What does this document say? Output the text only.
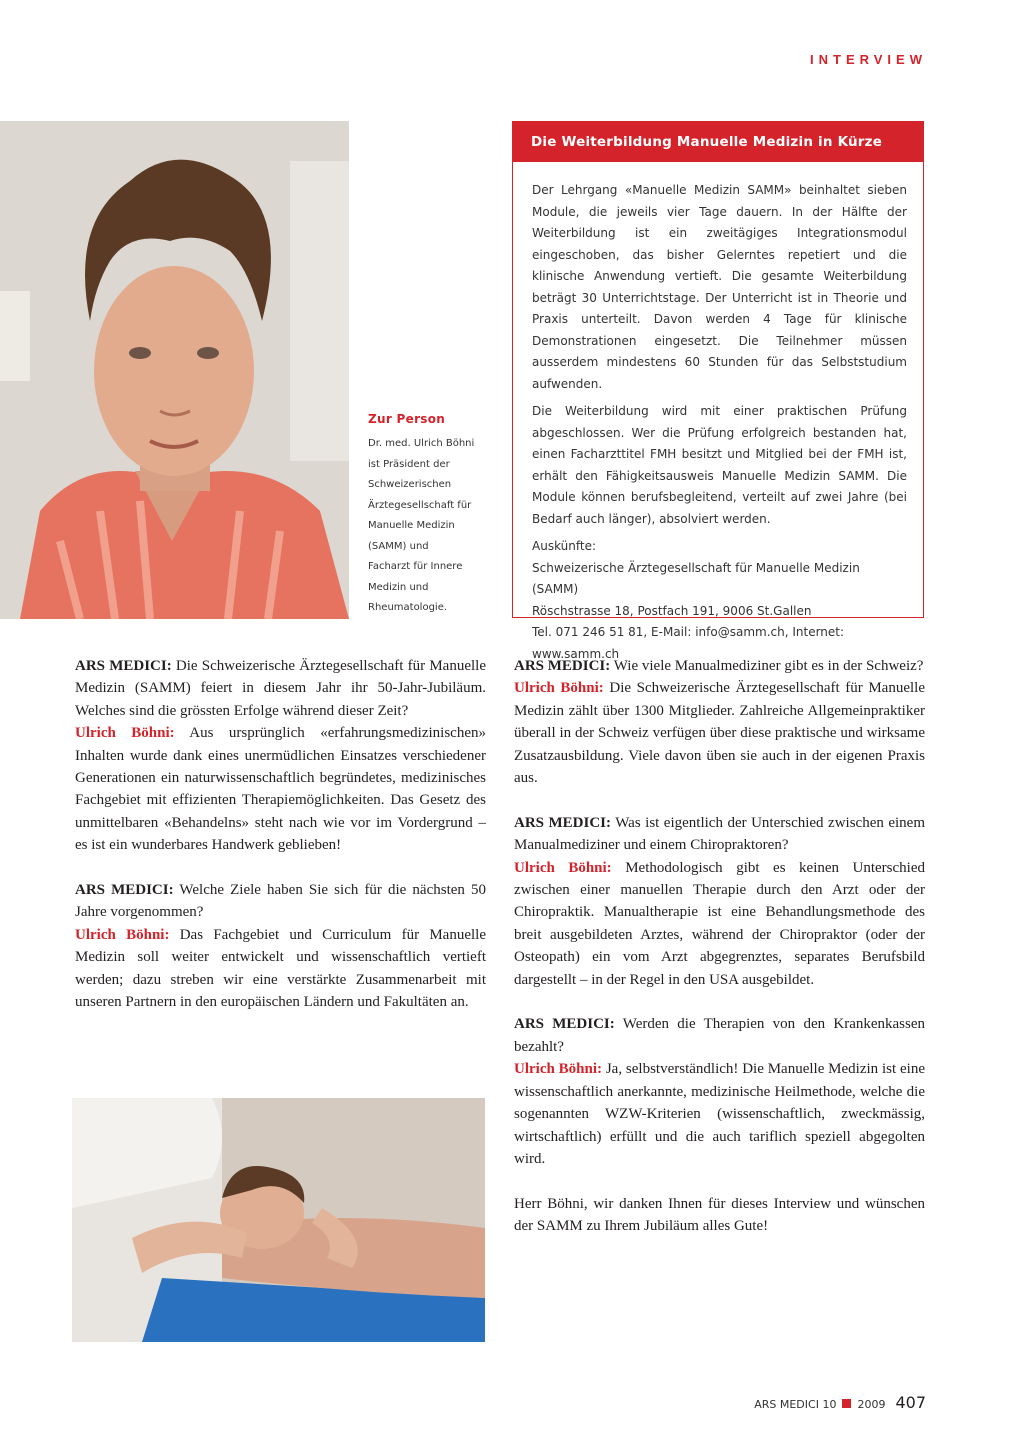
INTERVIEW
Zur Person
Dr. med. Ulrich Böhni
ist Präsident der
Schweizerischen
Ärztegesellschaft für
Manuelle Medizin
(SAMM) und
Facharzt für Innere
Medizin und
Rheumatologie.
Die Weiterbildung Manuelle Medizin in Kürze

Der Lehrgang «Manuelle Medizin SAMM» beinhaltet sieben Module, die jeweils vier Tage dauern. In der Hälfte der Weiterbildung ist ein zweitägiges Integrationsmodul eingeschoben, das bisher Gelerntes repetiert und die klinische Anwendung vertieft. Die gesamte Weiterbildung beträgt 30 Unterrichtstage. Der Unterricht ist in Theorie und Praxis unterteilt. Davon werden 4 Tage für klinische Demonstrationen eingesetzt. Die Teilnehmer müssen ausserdem mindestens 60 Stunden für das Selbststudium aufwenden.

Die Weiterbildung wird mit einer praktischen Prüfung abgeschlossen. Wer die Prüfung erfolgreich bestanden hat, einen Facharzttitel FMH besitzt und Mitglied bei der FMH ist, erhält den Fähigkeitsausweis Manuelle Medizin SAMM. Die Module können berufsbegleitend, verteilt auf zwei Jahre (bei Bedarf auch länger), absolviert werden.

Auskünfte:
Schweizerische Ärztegesellschaft für Manuelle Medizin (SAMM)
Röschstrasse 18, Postfach 191, 9006 St.Gallen
Tel. 071 246 51 81, E-Mail: info@samm.ch, Internet: www.samm.ch

ARS MEDICI: Die Schweizerische Ärztegesellschaft für Manuelle Medizin (SAMM) feiert in diesem Jahr ihr 50-Jahr-Jubiläum. Welches sind die grössten Erfolge während dieser Zeit?
Ulrich Böhni: Aus ursprünglich «erfahrungsmedizinischen» Inhalten wurde dank eines unermüdlichen Einsatzes verschiedener Generationen ein naturwissenschaftlich begründetes, medizinisches Fachgebiet mit effizienten Therapiemöglichkeiten. Das Gesetz des unmittelbaren «Behandelns» steht nach wie vor im Vordergrund – es ist ein wunderbares Handwerk geblieben!

ARS MEDICI: Welche Ziele haben Sie sich für die nächsten 50 Jahre vorgenommen?
Ulrich Böhni: Das Fachgebiet und Curriculum für Manuelle Medizin soll weiter entwickelt und wissenschaftlich vertieft werden; dazu streben wir eine verstärkte Zusammenarbeit mit unseren Partnern in den europäischen Ländern und Fakultäten an.

ARS MEDICI: Wie viele Manualmediziner gibt es in der Schweiz?
Ulrich Böhni: Die Schweizerische Ärztegesellschaft für Manuelle Medizin zählt über 1300 Mitglieder. Zahlreiche Allgemeinpraktiker überall in der Schweiz verfügen über diese praktische und wirksame Zusatzausbildung. Viele davon üben sie auch in der eigenen Praxis aus.

ARS MEDICI: Was ist eigentlich der Unterschied zwischen einem Manualmediziner und einem Chiropraktoren?
Ulrich Böhni: Methodologisch gibt es keinen Unterschied zwischen einer manuellen Therapie durch den Arzt oder der Chiropraktik. Manualtherapie ist eine Behandlungsmethode des breit ausgebildeten Arztes, während der Chiropraktor (oder der Osteopath) ein vom Arzt abgegrenztes, separates Berufsbild dargestellt – in der Regel in den USA ausgebildet.

ARS MEDICI: Werden die Therapien von den Krankenkassen bezahlt?
Ulrich Böhni: Ja, selbstverständlich! Die Manuelle Medizin ist eine wissenschaftlich anerkannte, medizinische Heilmethode, welche die sogenannten WZW-Kriterien (wissenschaftlich, zweckmässig, wirtschaftlich) erfüllt und die auch tariflich speziell abgegolten wird.

Herr Böhni, wir danken Ihnen für dieses Interview und wünschen der SAMM zu Ihrem Jubiläum alles Gute!

ARS MEDICI 10 2009 407
